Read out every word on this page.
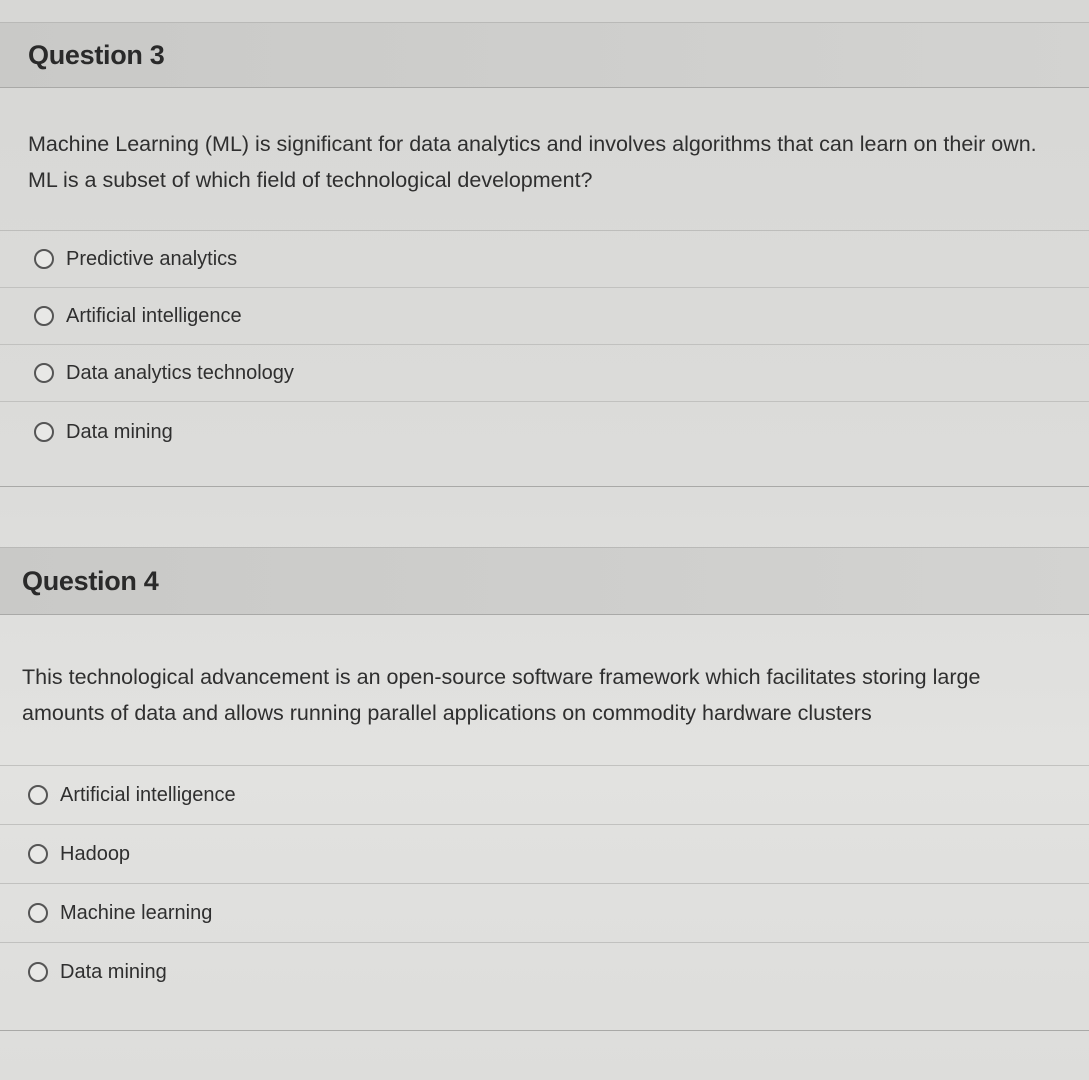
Question 3
Machine Learning (ML) is significant for data analytics and involves algorithms that can learn on their own. ML is a subset of which field of technological development?
Predictive analytics
Artificial intelligence
Data analytics technology
Data mining
Question 4
This technological advancement is an open-source software framework which facilitates storing large amounts of data and allows running parallel applications on commodity hardware clusters
Artificial intelligence
Hadoop
Machine learning
Data mining
